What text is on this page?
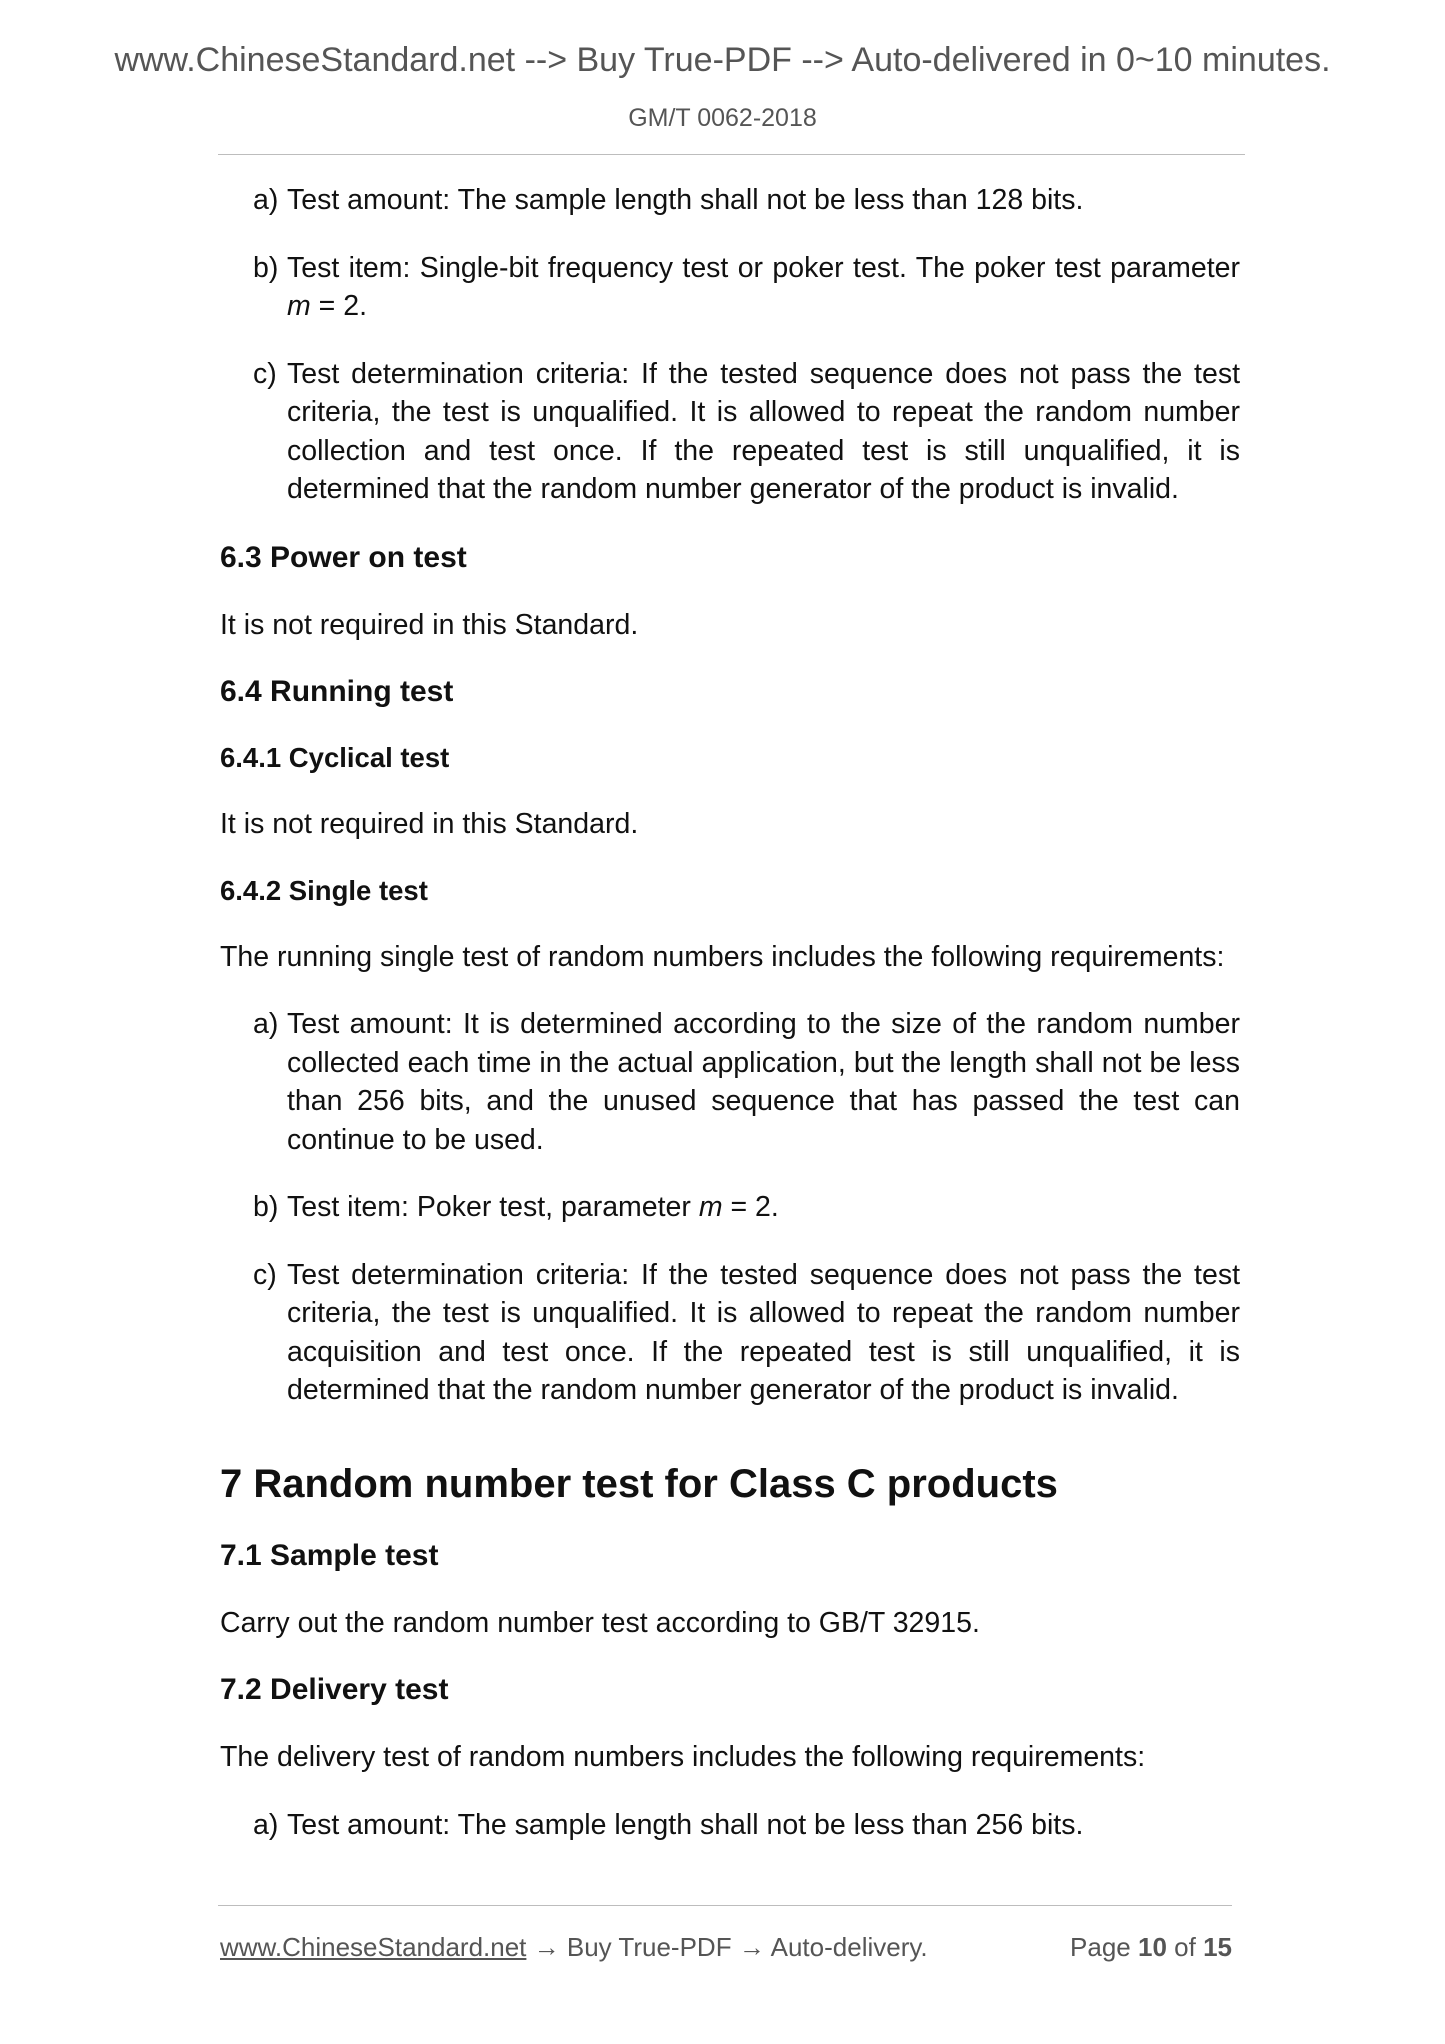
www.ChineseStandard.net --> Buy True-PDF --> Auto-delivered in 0~10 minutes.
GM/T 0062-2018
a) Test amount: The sample length shall not be less than 128 bits.
b) Test item: Single-bit frequency test or poker test. The poker test parameter m = 2.
c) Test determination criteria: If the tested sequence does not pass the test criteria, the test is unqualified. It is allowed to repeat the random number collection and test once. If the repeated test is still unqualified, it is determined that the random number generator of the product is invalid.

6.3 Power on test

It is not required in this Standard.

6.4 Running test

6.4.1 Cyclical test

It is not required in this Standard.

6.4.2 Single test

The running single test of random numbers includes the following requirements:

a) Test amount: It is determined according to the size of the random number collected each time in the actual application, but the length shall not be less than 256 bits, and the unused sequence that has passed the test can continue to be used.
b) Test item: Poker test, parameter m = 2.
c) Test determination criteria: If the tested sequence does not pass the test criteria, the test is unqualified. It is allowed to repeat the random number acquisition and test once. If the repeated test is still unqualified, it is determined that the random number generator of the product is invalid.

7 Random number test for Class C products

7.1 Sample test

Carry out the random number test according to GB/T 32915.

7.2 Delivery test

The delivery test of random numbers includes the following requirements:

a) Test amount: The sample length shall not be less than 256 bits.
www.ChineseStandard.net → Buy True-PDF → Auto-delivery.	Page 10 of 15
